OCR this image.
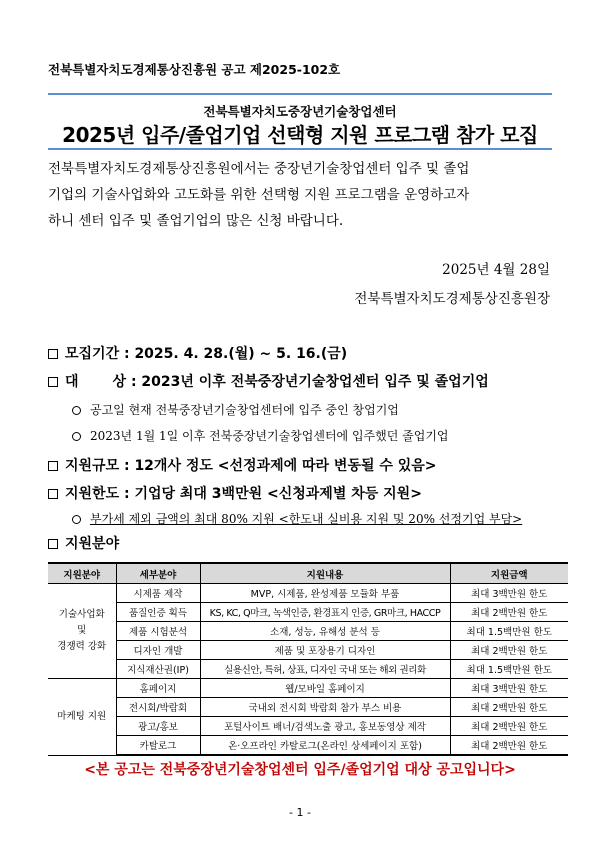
전북특별자치도경제통상진흥원 공고 제2025-102호
전북특별자치도중장년기술창업센터
2025년 입주/졸업기업 선택형 지원 프로그램 참가 모집
전북특별자치도경제통상진흥원에서는 중장년기술창업센터 입주 및 졸업
기업의 기술사업화와 고도화를 위한 선택형 지원 프로그램을 운영하고자
하니 센터 입주 및 졸업기업의 많은 신청 바랍니다.
2025년 4월 28일
전북특별자치도경제통상진흥원장
모집기간 : 2025. 4. 28.(월) ~ 5. 16.(금)
대 상 : 2023년 이후 전북중장년기술창업센터 입주 및 졸업기업
공고일 현재 전북중장년기술창업센터에 입주 중인 창업기업
2023년 1월 1일 이후 전북중장년기술창업센터에 입주했던 졸업기업
지원규모 : 12개사 정도 <선정과제에 따라 변동될 수 있음>
지원한도 : 기업당 최대 3백만원 <신청과제별 차등 지원>
부가세 제외 금액의 최대 80% 지원 <한도내 실비용 지원 및 20% 선정기업 부담>
지원분야
지원분야	세부분야	지원내용	지원금액
기술사업화
및
경쟁력 강화	시제품 제작	MVP, 시제품, 완성제품 모듈화 부품	최대 3백만원 한도
	품질인증 획득	KS, KC, Q마크, 녹색인증, 환경표지 인증, GR마크, HACCP	최대 2백만원 한도
	제품 시험분석	소재, 성능, 유해성 분석 등	최대 1.5백만원 한도
	디자인 개발	제품 및 포장용기 디자인	최대 2백만원 한도
	지식재산권(IP)	실용신안, 특허, 상표, 디자인 국내 또는 해외 권리화	최대 1.5백만원 한도
마케팅 지원	홈페이지	웹/모바일 홈페이지	최대 3백만원 한도
	전시회/박람회	국내외 전시회 박람회 참가 부스 비용	최대 2백만원 한도
	광고/홍보	포털사이트 배너/검색노출 광고, 홍보동영상 제작	최대 2백만원 한도
	카탈로그	온·오프라인 카탈로그(온라인 상세페이지 포함)	최대 2백만원 한도
<본 공고는 전북중장년기술창업센터 입주/졸업기업 대상 공고입니다>
- 1 -
